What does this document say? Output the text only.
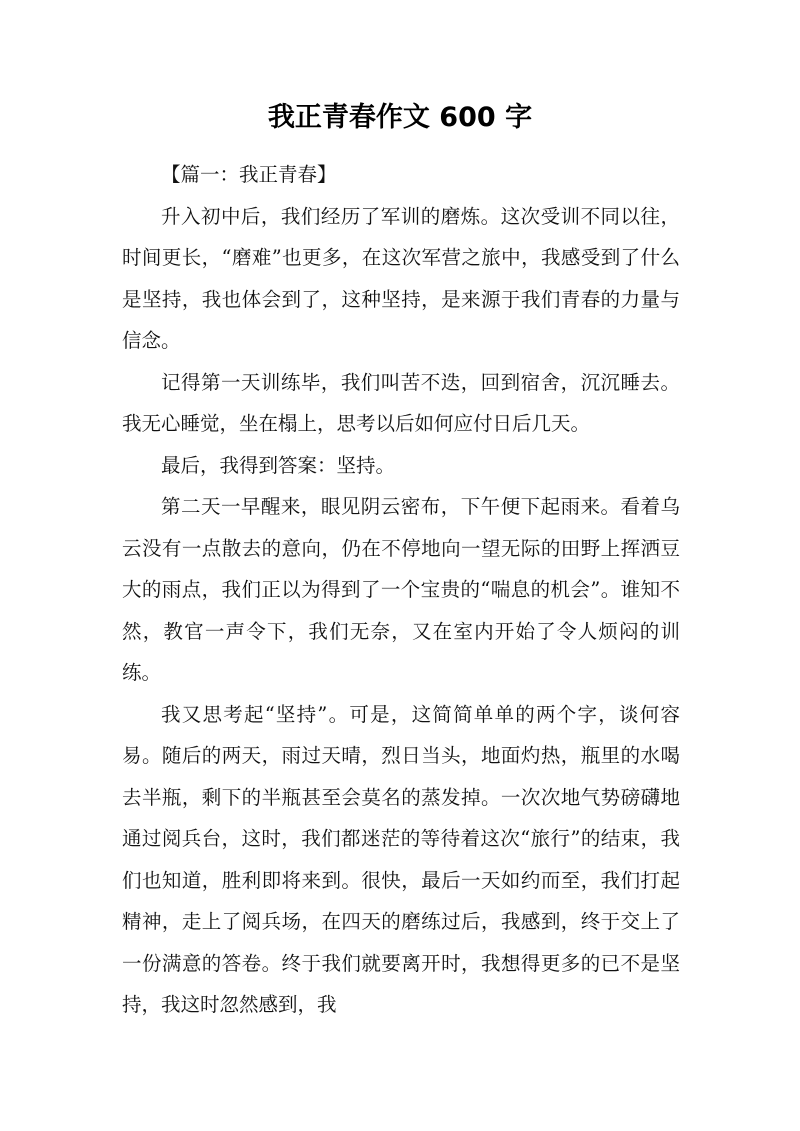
我正青春作文 600 字

【篇一：我正青春】

升入初中后，我们经历了军训的磨炼。这次受训不同以往，时间更长，“磨难”也更多，在这次军营之旅中，我感受到了什么是坚持，我也体会到了，这种坚持，是来源于我们青春的力量与信念。

记得第一天训练毕，我们叫苦不迭，回到宿舍，沉沉睡去。我无心睡觉，坐在榻上，思考以后如何应付日后几天。

最后，我得到答案：坚持。

第二天一早醒来，眼见阴云密布，下午便下起雨来。看着乌云没有一点散去的意向，仍在不停地向一望无际的田野上挥洒豆大的雨点，我们正以为得到了一个宝贵的“喘息的机会”。谁知不然，教官一声令下，我们无奈，又在室内开始了令人烦闷的训练。

我又思考起“坚持”。可是，这简简单单的两个字，谈何容易。随后的两天，雨过天晴，烈日当头，地面灼热，瓶里的水喝去半瓶，剩下的半瓶甚至会莫名的蒸发掉。一次次地气势磅礴地通过阅兵台，这时，我们都迷茫的等待着这次“旅行”的结束，我们也知道，胜利即将来到。很快，最后一天如约而至，我们打起精神，走上了阅兵场，在四天的磨练过后，我感到，终于交上了一份满意的答卷。终于我们就要离开时，我想得更多的已不是坚持，我这时忽然感到，我
